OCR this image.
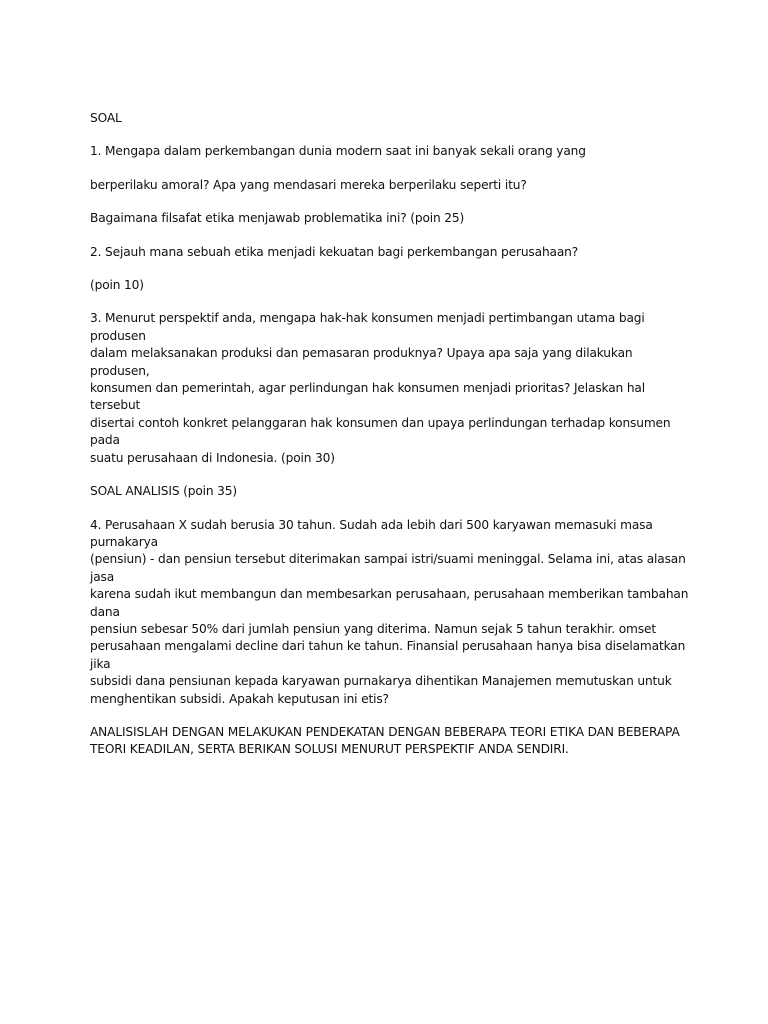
SOAL

1. Mengapa dalam perkembangan dunia modern saat ini banyak sekali orang yang

berperilaku amoral? Apa yang mendasari mereka berperilaku seperti itu?

Bagaimana filsafat etika menjawab problematika ini? (poin 25)

2. Sejauh mana sebuah etika menjadi kekuatan bagi perkembangan perusahaan?

(poin 10)

3. Menurut perspektif anda, mengapa hak-hak konsumen menjadi pertimbangan utama bagi produsen
dalam melaksanakan produksi dan pemasaran produknya? Upaya apa saja yang dilakukan produsen,
konsumen dan pemerintah, agar perlindungan hak konsumen menjadi prioritas? Jelaskan hal tersebut
disertai contoh konkret pelanggaran hak konsumen dan upaya perlindungan terhadap konsumen pada
suatu perusahaan di Indonesia. (poin 30)

SOAL ANALISIS (poin 35)

4. Perusahaan X sudah berusia 30 tahun. Sudah ada lebih dari 500 karyawan memasuki masa purnakarya
(pensiun) - dan pensiun tersebut diterimakan sampai istri/suami meninggal. Selama ini, atas alasan jasa
karena sudah ikut membangun dan membesarkan perusahaan, perusahaan memberikan tambahan dana
pensiun sebesar 50% dari jumlah pensiun yang diterima. Namun sejak 5 tahun terakhir. omset
perusahaan mengalami decline dari tahun ke tahun. Finansial perusahaan hanya bisa diselamatkan jika
subsidi dana pensiunan kepada karyawan purnakarya dihentikan Manajemen memutuskan untuk
menghentikan subsidi. Apakah keputusan ini etis?

ANALISISLAH DENGAN MELAKUKAN PENDEKATAN DENGAN BEBERAPA TEORI ETIKA DAN BEBERAPA
TEORI KEADILAN, SERTA BERIKAN SOLUSI MENURUT PERSPEKTIF ANDA SENDIRI.
